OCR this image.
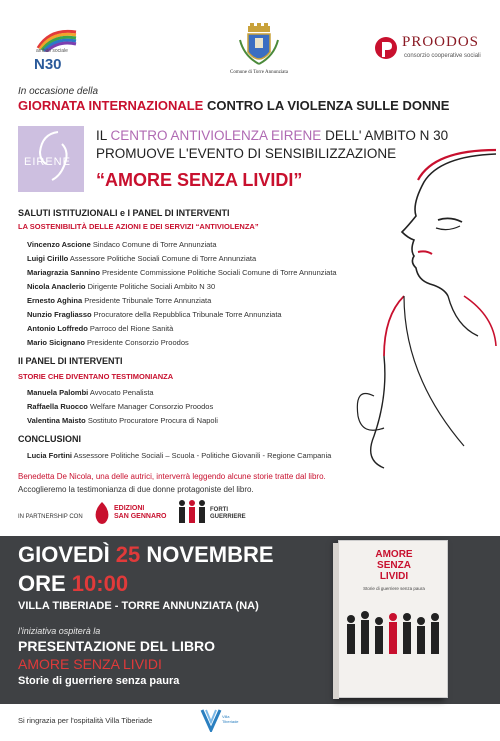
ambito sociale
N30	Comune di Torre Annunziata
PROODOS
consorzio cooperative sociali
In occasione della
GIORNATA INTERNAZIONALE CONTRO LA VIOLENZA SULLE DONNE
EIRENE
IL CENTRO ANTIVIOLENZA EIRENE DELL' AMBITO N 30
PROMUOVE L'EVENTO DI SENSIBILIZZAZIONE
“AMORE SENZA LIVIDI”
SALUTI ISTITUZIONALI e I PANEL DI INTERVENTI
LA SOSTENIBILITÀ DELLE AZIONI E DEI SERVIZI “ANTIVIOLENZA”
Vincenzo Ascione Sindaco Comune di Torre Annunziata
Luigi Cirillo Assessore Politiche Sociali Comune di Torre Annunziata
Mariagrazia Sannino Presidente Commissione Politiche Sociali Comune di Torre Annunziata
Nicola Anaclerio Dirigente Politiche Sociali Ambito N 30
Ernesto Aghina Presidente Tribunale Torre Annunziata
Nunzio Fragliasso Procuratore della Repubblica Tribunale Torre Annunziata
Antonio Loffredo Parroco del Rione Sanità
Mario Sicignano Presidente Consorzio Proodos
II PANEL DI INTERVENTI
STORIE CHE DIVENTANO TESTIMONIANZA
Manuela Palombi Avvocato Penalista
Raffaella Ruocco Welfare Manager Consorzio Proodos
Valentina Maisto Sostituto Procuratore Procura di Napoli
CONCLUSIONI
Lucia Fortini Assessore Politiche Sociali – Scuola - Politiche Giovanili - Regione Campania
Benedetta De Nicola, una delle autrici, interverrà leggendo alcune storie tratte dal libro.
Accoglieremo la testimonianza di due donne protagoniste del libro.
IN PARTNERSHIP CON
EDIZIONI
SAN GENNARO
FORTI
GUERRIERE
GIOVEDÌ 25 NOVEMBRE
ORE 10:00
VILLA TIBERIADE - TORRE ANNUNZIATA (NA)
l'iniziativa ospiterà la
PRESENTAZIONE DEL LIBRO
AMORE SENZA LIVIDI
Storie di guerriere senza paura
AMORE
SENZA
LIVIDI
Storie di guerriere senza paura
Si ringrazia per l'ospitalità Villa Tiberiade	Villa
Tiberiade
